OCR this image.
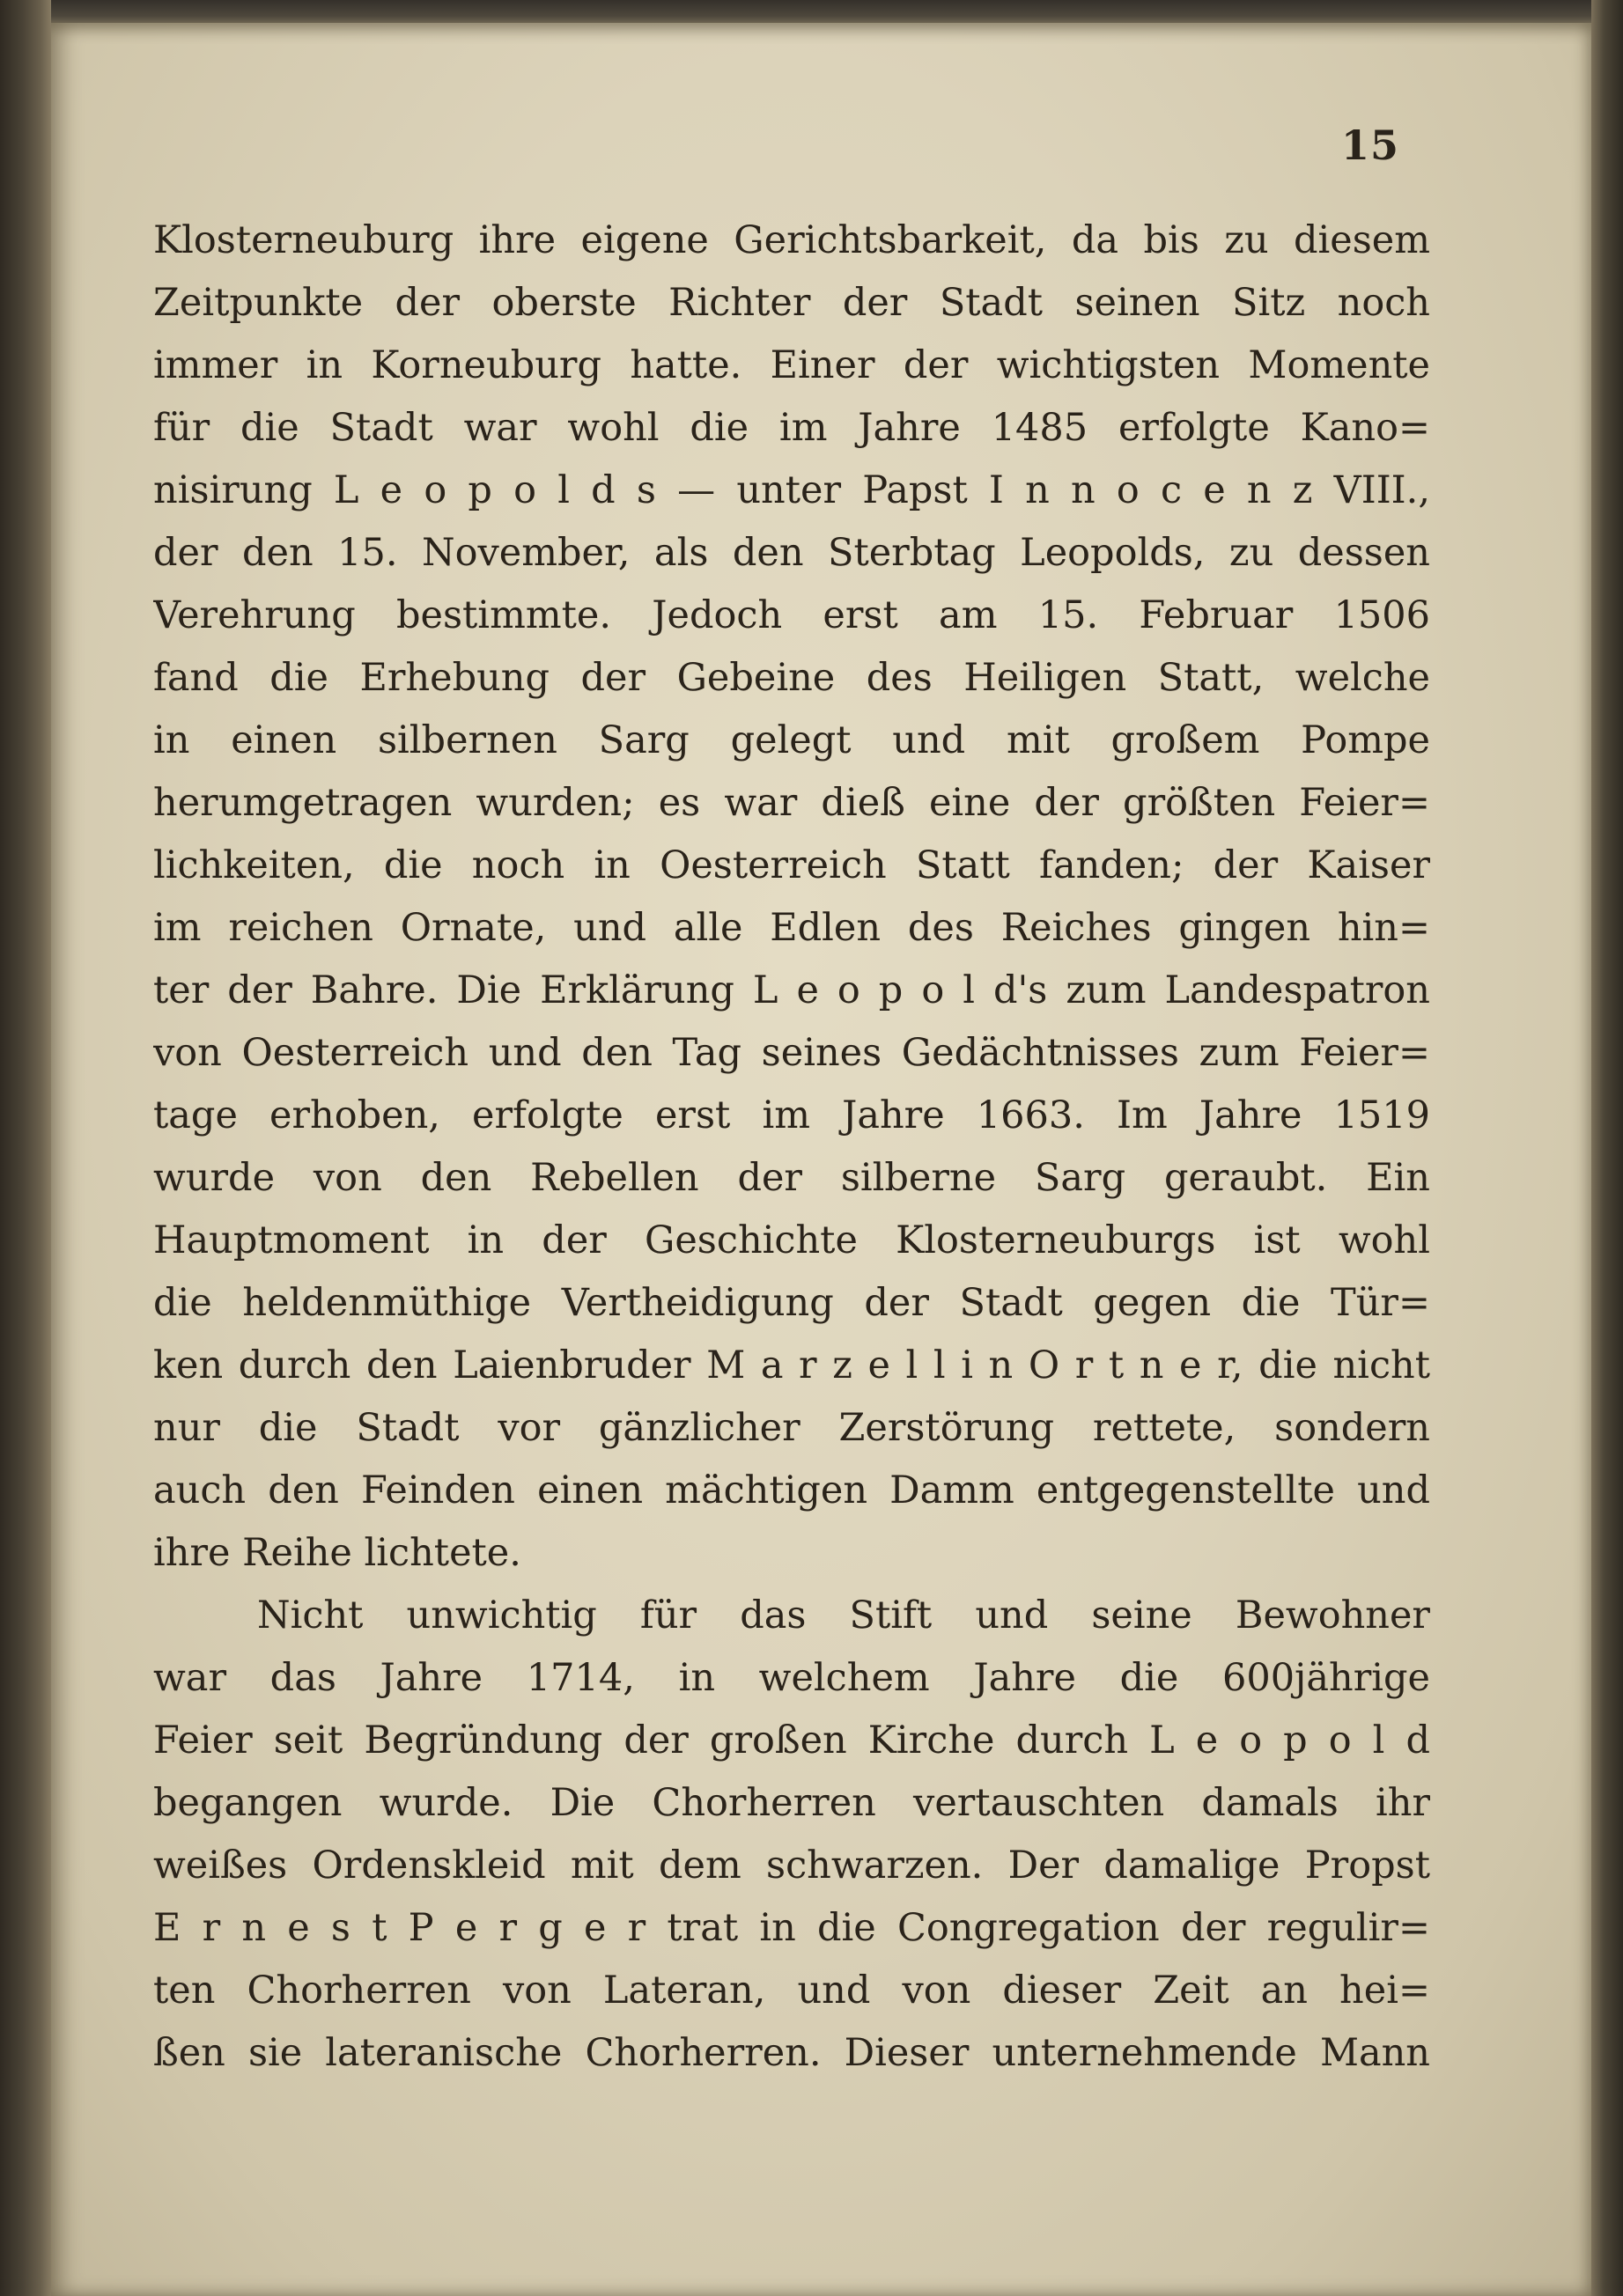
15
Klosterneuburg ihre eigene Gerichtsbarkeit, da bis zu diesem
Zeitpunkte der oberste Richter der Stadt seinen Sitz noch
immer in Korneuburg hatte. Einer der wichtigsten Momente
für die Stadt war wohl die im Jahre 1485 erfolgte Kano=
nisirung L e o p o l d s — unter Papst I n n o c e n z VIII.,
der den 15. November, als den Sterbtag Leopolds, zu dessen
Verehrung bestimmte. Jedoch erst am 15. Februar 1506
fand die Erhebung der Gebeine des Heiligen Statt, welche
in einen silbernen Sarg gelegt und mit großem Pompe
herumgetragen wurden; es war dieß eine der größten Feier=
lichkeiten, die noch in Oesterreich Statt fanden; der Kaiser
im reichen Ornate, und alle Edlen des Reiches gingen hin=
ter der Bahre. Die Erklärung L e o p o l d's zum Landespatron
von Oesterreich und den Tag seines Gedächtnisses zum Feier=
tage erhoben, erfolgte erst im Jahre 1663. Im Jahre 1519
wurde von den Rebellen der silberne Sarg geraubt. Ein
Hauptmoment in der Geschichte Klosterneuburgs ist wohl
die heldenmüthige Vertheidigung der Stadt gegen die Tür=
ken durch den Laienbruder M a r z e l l i n O r t n e r, die nicht
nur die Stadt vor gänzlicher Zerstörung rettete, sondern
auch den Feinden einen mächtigen Damm entgegenstellte und
ihre Reihe lichtete.
Nicht unwichtig für das Stift und seine Bewohner
war das Jahre 1714, in welchem Jahre die 600jährige
Feier seit Begründung der großen Kirche durch L e o p o l d
begangen wurde. Die Chorherren vertauschten damals ihr
weißes Ordenskleid mit dem schwarzen. Der damalige Propst
E r n e s t P e r g e r trat in die Congregation der regulir=
ten Chorherren von Lateran, und von dieser Zeit an hei=
ßen sie lateranische Chorherren. Dieser unternehmende Mann
